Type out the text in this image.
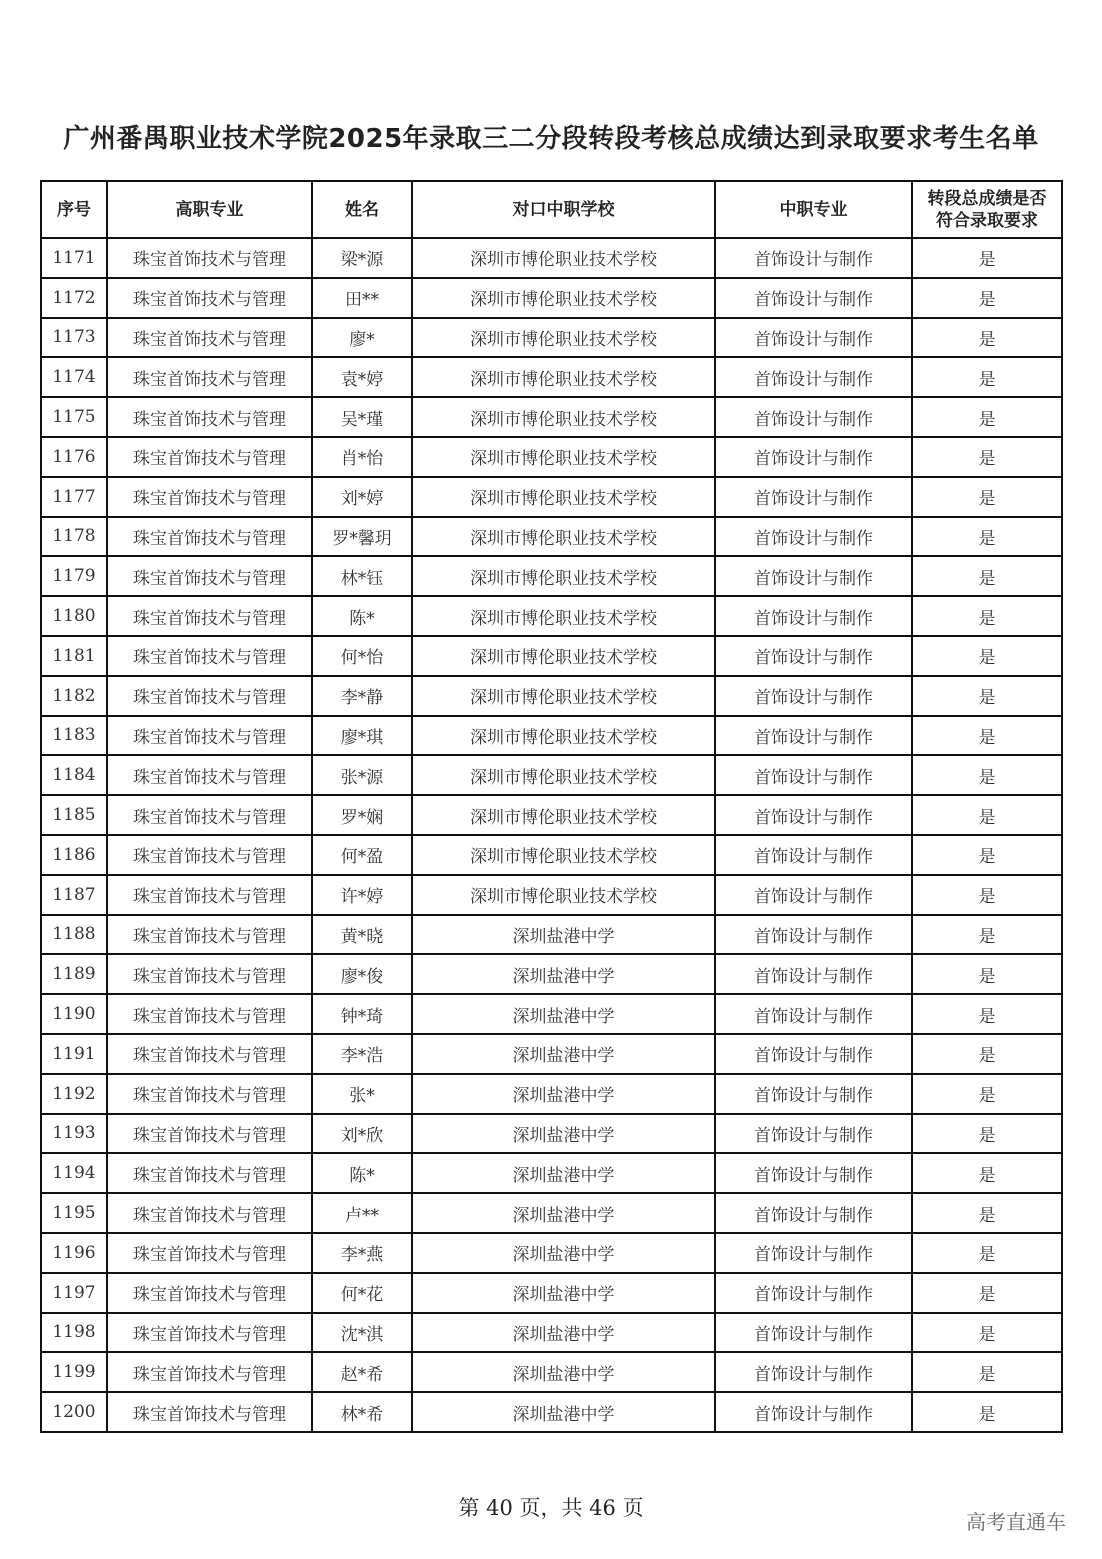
广州番禺职业技术学院2025年录取三二分段转段考核总成绩达到录取要求考生名单
序号	高职专业	姓名	对口中职学校	中职专业	转段总成绩是否符合录取要求
1171	珠宝首饰技术与管理	梁*源	深圳市博伦职业技术学校	首饰设计与制作	是
1172	珠宝首饰技术与管理	田**	深圳市博伦职业技术学校	首饰设计与制作	是
1173	珠宝首饰技术与管理	廖*	深圳市博伦职业技术学校	首饰设计与制作	是
1174	珠宝首饰技术与管理	袁*婷	深圳市博伦职业技术学校	首饰设计与制作	是
1175	珠宝首饰技术与管理	吴*瑾	深圳市博伦职业技术学校	首饰设计与制作	是
1176	珠宝首饰技术与管理	肖*怡	深圳市博伦职业技术学校	首饰设计与制作	是
1177	珠宝首饰技术与管理	刘*婷	深圳市博伦职业技术学校	首饰设计与制作	是
1178	珠宝首饰技术与管理	罗*馨玥	深圳市博伦职业技术学校	首饰设计与制作	是
1179	珠宝首饰技术与管理	林*钰	深圳市博伦职业技术学校	首饰设计与制作	是
1180	珠宝首饰技术与管理	陈*	深圳市博伦职业技术学校	首饰设计与制作	是
1181	珠宝首饰技术与管理	何*怡	深圳市博伦职业技术学校	首饰设计与制作	是
1182	珠宝首饰技术与管理	李*静	深圳市博伦职业技术学校	首饰设计与制作	是
1183	珠宝首饰技术与管理	廖*琪	深圳市博伦职业技术学校	首饰设计与制作	是
1184	珠宝首饰技术与管理	张*源	深圳市博伦职业技术学校	首饰设计与制作	是
1185	珠宝首饰技术与管理	罗*娴	深圳市博伦职业技术学校	首饰设计与制作	是
1186	珠宝首饰技术与管理	何*盈	深圳市博伦职业技术学校	首饰设计与制作	是
1187	珠宝首饰技术与管理	许*婷	深圳市博伦职业技术学校	首饰设计与制作	是
1188	珠宝首饰技术与管理	黄*晓	深圳盐港中学	首饰设计与制作	是
1189	珠宝首饰技术与管理	廖*俊	深圳盐港中学	首饰设计与制作	是
1190	珠宝首饰技术与管理	钟*琦	深圳盐港中学	首饰设计与制作	是
1191	珠宝首饰技术与管理	李*浩	深圳盐港中学	首饰设计与制作	是
1192	珠宝首饰技术与管理	张*	深圳盐港中学	首饰设计与制作	是
1193	珠宝首饰技术与管理	刘*欣	深圳盐港中学	首饰设计与制作	是
1194	珠宝首饰技术与管理	陈*	深圳盐港中学	首饰设计与制作	是
1195	珠宝首饰技术与管理	卢**	深圳盐港中学	首饰设计与制作	是
1196	珠宝首饰技术与管理	李*燕	深圳盐港中学	首饰设计与制作	是
1197	珠宝首饰技术与管理	何*花	深圳盐港中学	首饰设计与制作	是
1198	珠宝首饰技术与管理	沈*淇	深圳盐港中学	首饰设计与制作	是
1199	珠宝首饰技术与管理	赵*希	深圳盐港中学	首饰设计与制作	是
1200	珠宝首饰技术与管理	林*希	深圳盐港中学	首饰设计与制作	是
第 40 页，共 46 页
高考直通车
